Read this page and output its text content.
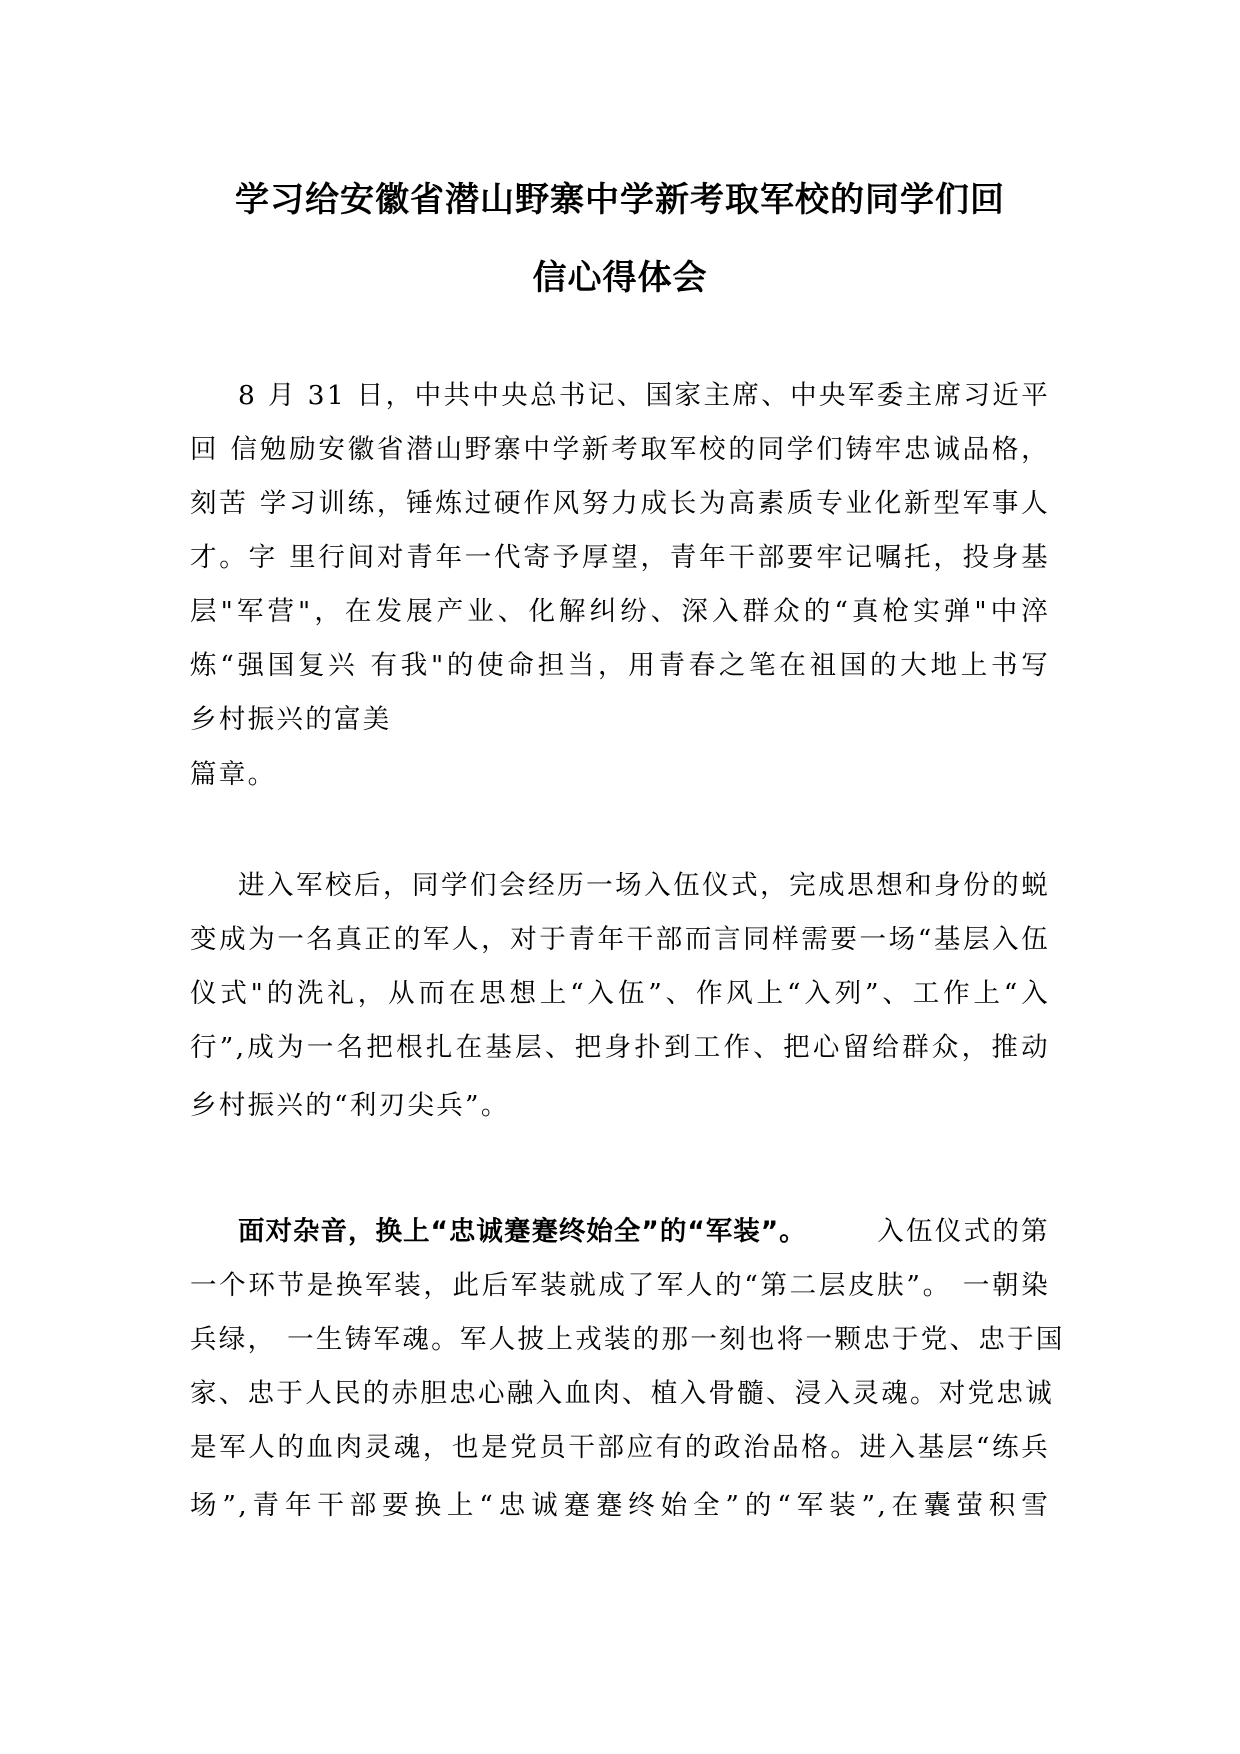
学习给安徽省潜山野寨中学新考取军校的同学们回
信心得体会
8 月 31 日，中共中央总书记、国家主席、中央军委主席习近平
回 信勉励安徽省潜山野寨中学新考取军校的同学们铸牢忠诚品格，
刻苦 学习训练，锤炼过硬作风努力成长为高素质专业化新型军事人
才。字 里行间对青年一代寄予厚望，青年干部要牢记嘱托，投身基
层"军营"，在发展产业、化解纠纷、深入群众的“真枪实弹"中淬
炼“强国复兴 有我"的使命担当，用青春之笔在祖国的大地上书写
乡村振兴的富美
篇章。
进入军校后，同学们会经历一场入伍仪式，完成思想和身份的蜕
变成为一名真正的军人，对于青年干部而言同样需要一场“基层入伍
仪式"的洗礼，从而在思想上“入伍”、作风上“入列”、工作上“入
行”,成为一名把根扎在基层、把身扑到工作、把心留给群众，推动
乡村振兴的“利刃尖兵”。
面对杂音，换上“忠诚蹇蹇终始全”的“军装”。	入伍仪式的第
一个环节是换军装，此后军装就成了军人的“第二层皮肤”。 一朝染
兵绿， 一生铸军魂。军人披上戎装的那一刻也将一颗忠于党、忠于国
家、忠于人民的赤胆忠心融入血肉、植入骨髓、浸入灵魂。对党忠诚
是军人的血肉灵魂，也是党员干部应有的政治品格。进入基层“练兵
场”,青年干部要换上“忠诚蹇蹇终始全”的“军装”,在囊萤积雪
